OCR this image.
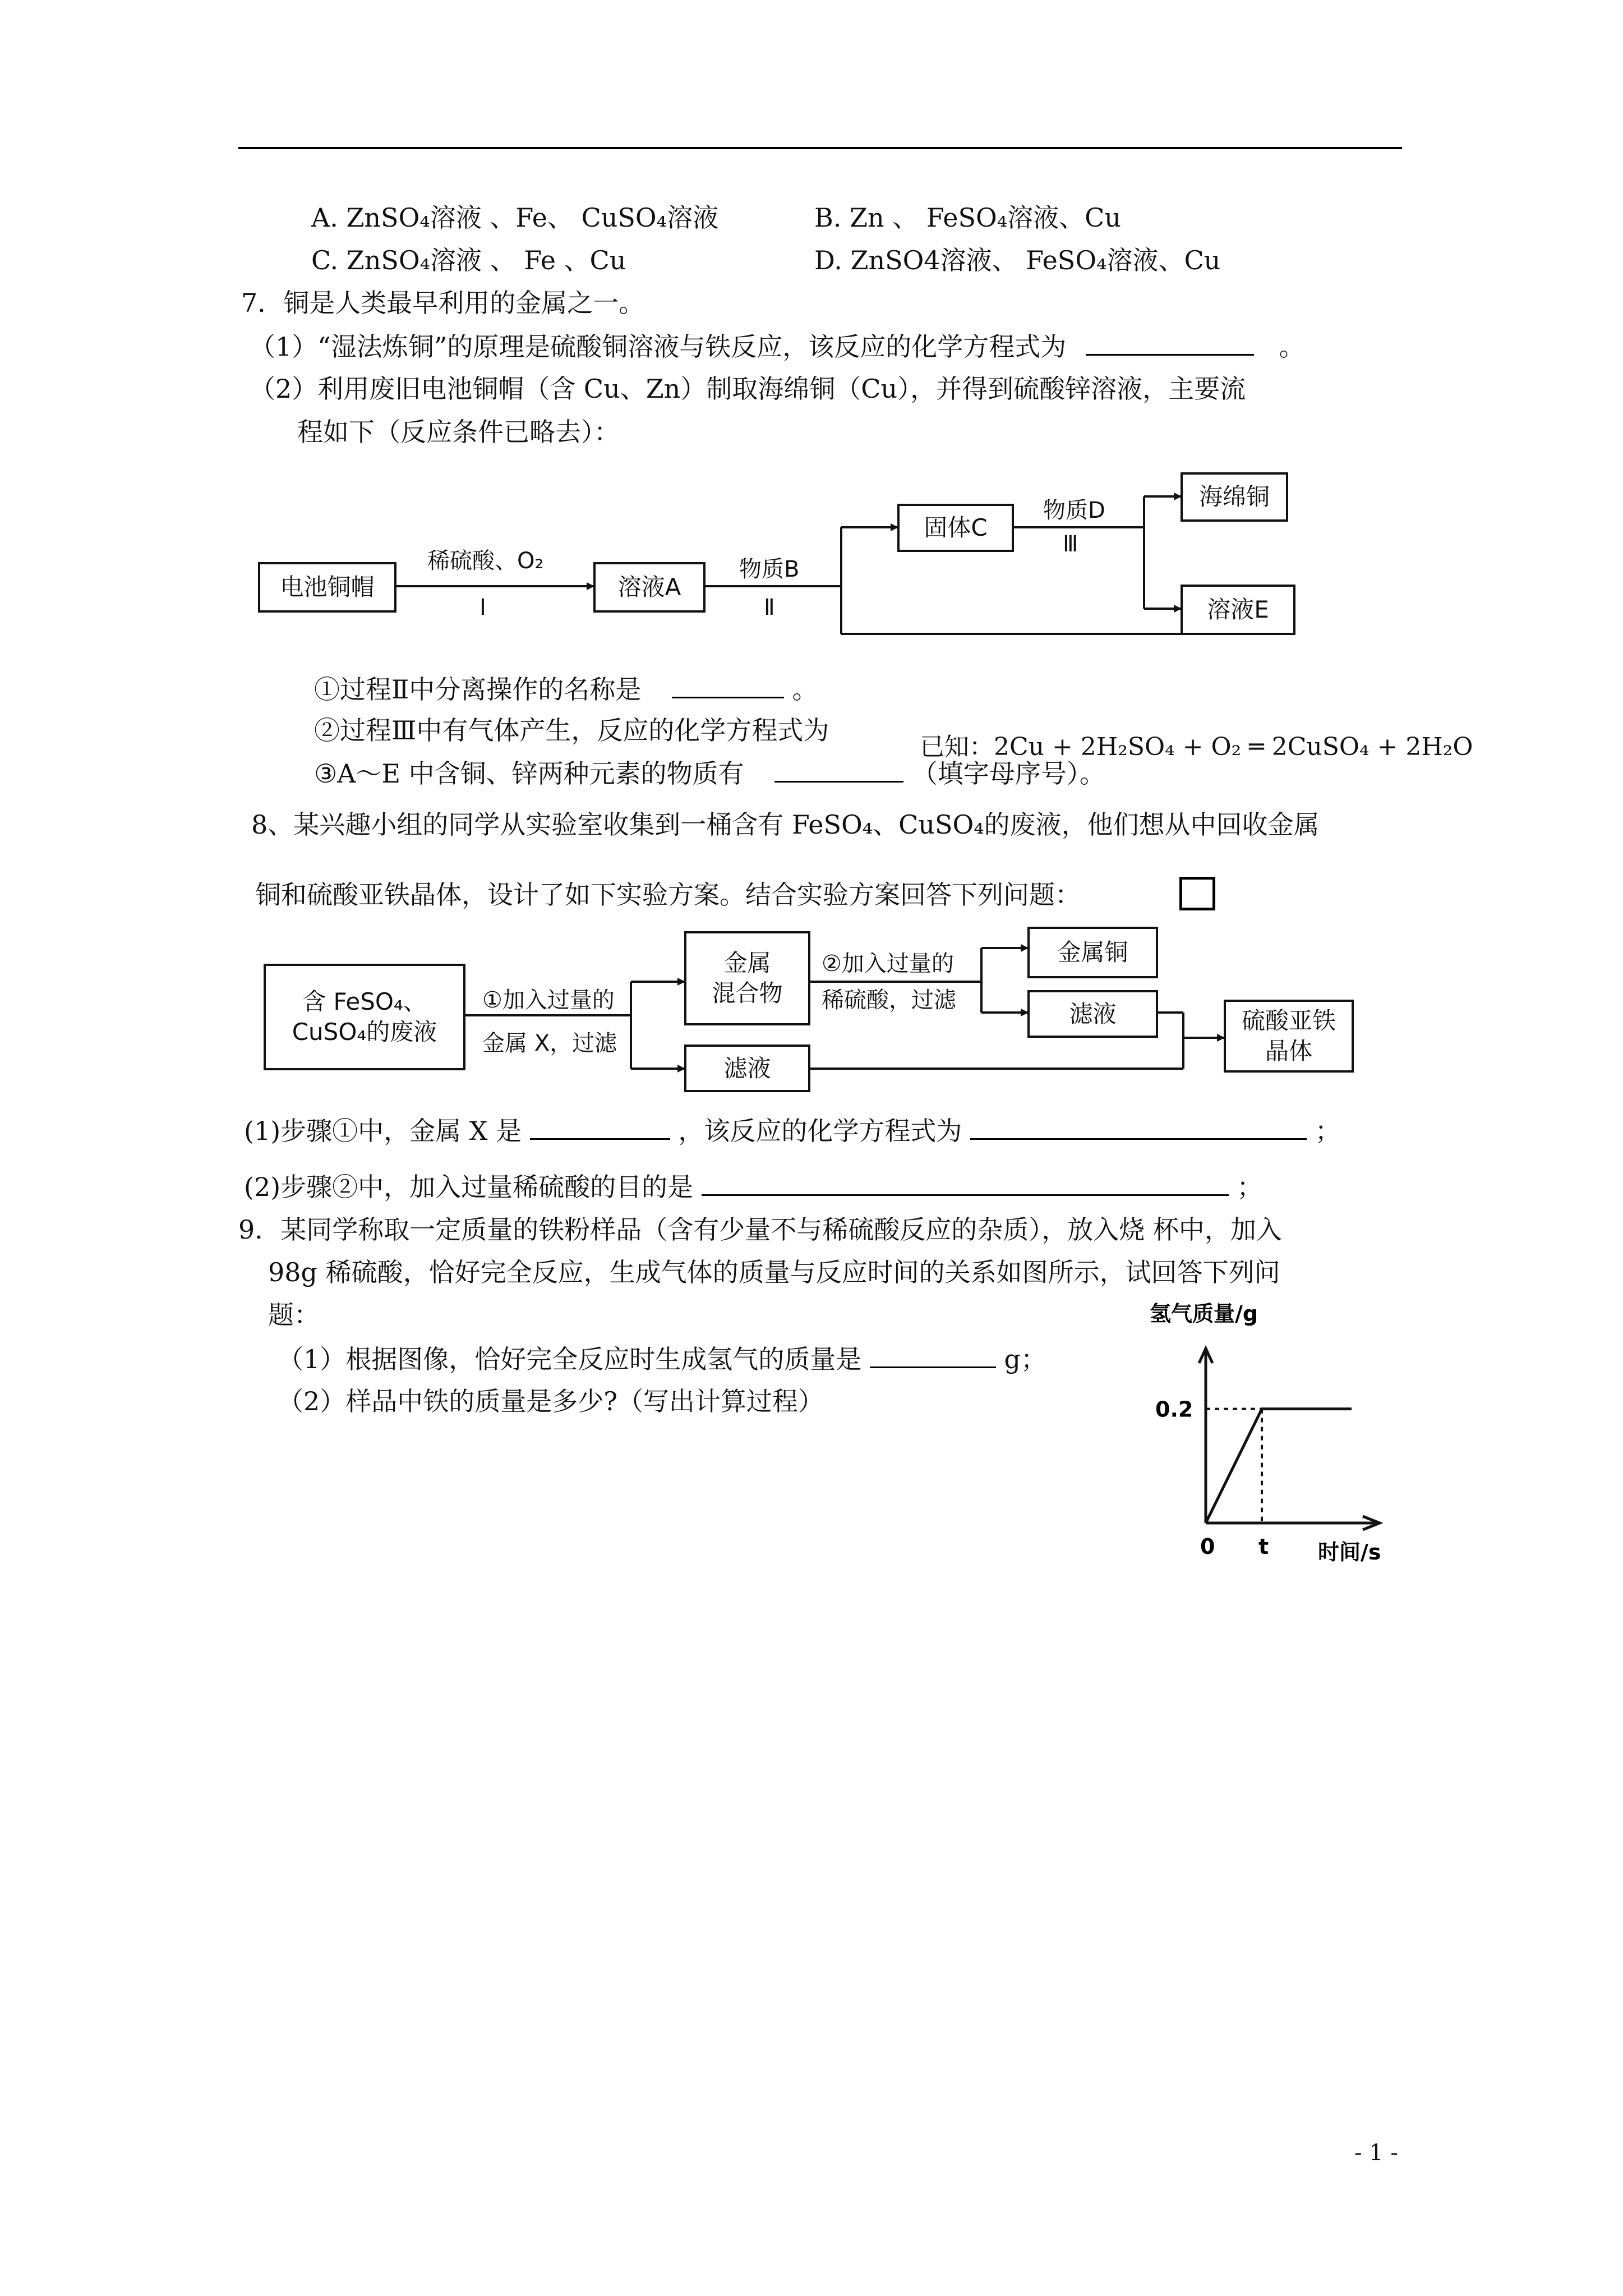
A. ZnSO₄溶液 、Fe、 CuSO₄溶液	B. Zn 、 FeSO₄溶液、Cu
C. ZnSO₄溶液 、 Fe 、Cu	D. ZnSO4溶液、 FeSO₄溶液、Cu
7．铜是人类最早利用的金属之一。
（1）“湿法炼铜”的原理是硫酸铜溶液与铁反应，该反应的化学方程式为	。
（2）利用废旧电池铜帽（含 Cu、Zn）制取海绵铜（Cu），并得到硫酸锌溶液，主要流
程如下（反应条件已略去）：
电池铜帽
稀硫酸、O₂
Ⅰ
溶液A
物质B
Ⅱ
固体C
物质D
Ⅲ
海绵铜
溶液E
①过程Ⅱ中分离操作的名称是	。
②过程Ⅲ中有气体产生，反应的化学方程式为
已知：2Cu + 2H₂SO₄ + O₂ ═ 2CuSO₄ + 2H₂O
③A～E 中含铜、锌两种元素的物质有	（填字母序号）。
8、某兴趣小组的同学从实验室收集到一桶含有 FeSO₄、CuSO₄的废液，他们想从中回收金属
铜和硫酸亚铁晶体，设计了如下实验方案。结合实验方案回答下列问题：
含 FeSO₄、
CuSO₄的废液
①加入过量的
金属 X，过滤
金属
混合物
②加入过量的
稀硫酸，过滤
金属铜
滤液
滤液
硫酸亚铁
晶体
(1)步骤①中，金属 X 是	，该反应的化学方程式为	；
(2)步骤②中，加入过量稀硫酸的目的是	；
9．某同学称取一定质量的铁粉样品（含有少量不与稀硫酸反应的杂质），放入烧 杯中，加入
98g 稀硫酸，恰好完全反应，生成气体的质量与反应时间的关系如图所示，试回答下列问
题：
（1）根据图像，恰好完全反应时生成氢气的质量是	g；
（2）样品中铁的质量是多少?（写出计算过程）	0.2
t
氢气质量/g
0	时间/s
- 1 -
